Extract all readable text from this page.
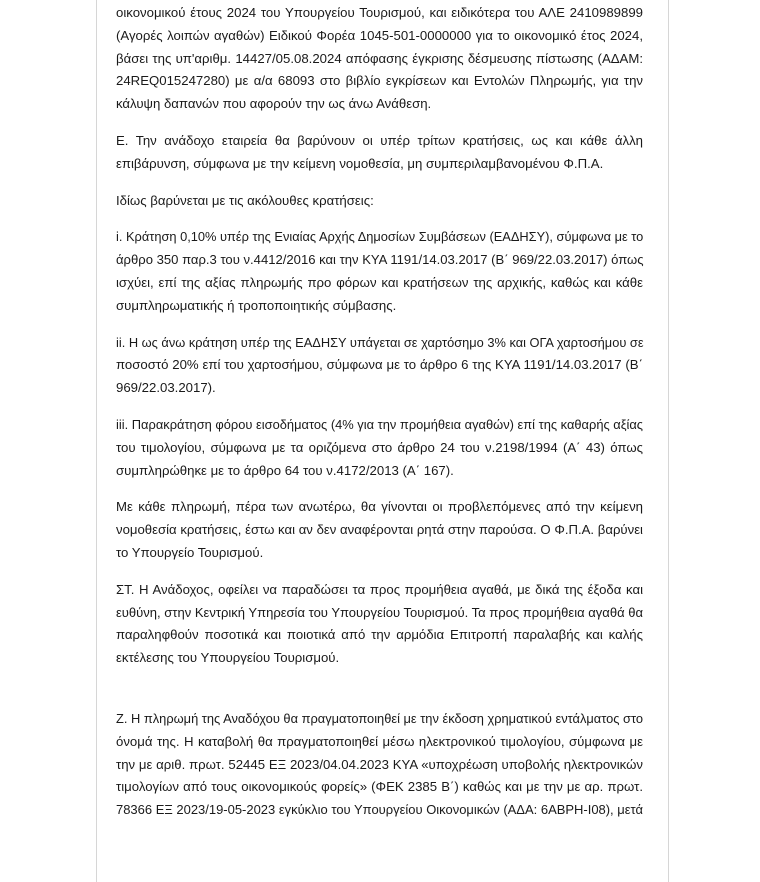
οικονομικού έτους 2024 του Υπουργείου Τουρισμού, και ειδικότερα του ΑΛΕ 2410989899
(Αγορές λοιπών αγαθών) Ειδικού Φορέα 1045-501-0000000 για το οικονομικό έτος 2024,
βάσει της υπ'αριθμ. 14427/05.08.2024 απόφασης έγκρισης δέσμευσης πίστωσης (ΑΔΑΜ:
24REQ015247280) με α/α 68093 στο βιβλίο εγκρίσεων και Εντολών Πληρωμής, για την
κάλυψη δαπανών που αφορούν την ως άνω Ανάθεση.

Ε. Την ανάδοχο εταιρεία θα βαρύνουν οι υπέρ τρίτων κρατήσεις, ως και κάθε άλλη
επιβάρυνση, σύμφωνα με την κείμενη νομοθεσία, μη συμπεριλαμβανομένου Φ.Π.Α.

Ιδίως βαρύνεται με τις ακόλουθες κρατήσεις:

i. Κράτηση 0,10% υπέρ της Ενιαίας Αρχής Δημοσίων Συμβάσεων (ΕΑΔΗΣΥ), σύμφωνα με το
άρθρο 350 παρ.3 του ν.4412/2016 και την ΚΥΑ 1191/14.03.2017 (Β΄ 969/22.03.2017) όπως
ισχύει, επί της αξίας πληρωμής προ φόρων και κρατήσεων της αρχικής, καθώς και κάθε
συμπληρωματικής ή τροποποιητικής σύμβασης.

ii. Η ως άνω κράτηση υπέρ της ΕΑΔΗΣΥ υπάγεται σε χαρτόσημο 3% και ΟΓΑ χαρτοσήμου σε
ποσοστό 20% επί του χαρτοσήμου, σύμφωνα με το άρθρο 6 της ΚΥΑ 1191/14.03.2017 (Β΄
969/22.03.2017).

iii. Παρακράτηση φόρου εισοδήματος (4% για την προμήθεια αγαθών) επί της καθαρής αξίας
του τιμολογίου, σύμφωνα με τα οριζόμενα στο άρθρο 24 του ν.2198/1994 (Α΄ 43) όπως
συμπληρώθηκε με το άρθρο 64 του ν.4172/2013 (Α΄ 167).

Με κάθε πληρωμή, πέρα των ανωτέρω, θα γίνονται οι προβλεπόμενες από την κείμενη
νομοθεσία κρατήσεις, έστω και αν δεν αναφέρονται ρητά στην παρούσα. Ο Φ.Π.Α. βαρύνει
το Υπουργείο Τουρισμού.

ΣΤ. Η Ανάδοχος, οφείλει να παραδώσει τα προς προμήθεια αγαθά, με δικά της έξοδα και
ευθύνη, στην Κεντρική Υπηρεσία του Υπουργείου Τουρισμού. Τα προς προμήθεια αγαθά θα
παραληφθούν ποσοτικά και ποιοτικά από την αρμόδια Επιτροπή παραλαβής και καλής
εκτέλεσης του Υπουργείου Τουρισμού.

Ζ. Η πληρωμή της Αναδόχου θα πραγματοποιηθεί με την έκδοση χρηματικού εντάλματος στο
όνομά της. Η καταβολή θα πραγματοποιηθεί μέσω ηλεκτρονικού τιμολογίου, σύμφωνα με
την με αριθ. πρωτ. 52445 ΕΞ 2023/04.04.2023 ΚΥΑ «υποχρέωση υποβολής ηλεκτρονικών
τιμολογίων από τους οικονομικούς φορείς» (ΦΕΚ 2385 Β΄) καθώς και με την με αρ. πρωτ.
78366 ΕΞ 2023/19-05-2023 εγκύκλιο του Υπουργείου Οικονομικών (ΑΔΑ: 6ΑΒΡΗ-Ι08), μετά
